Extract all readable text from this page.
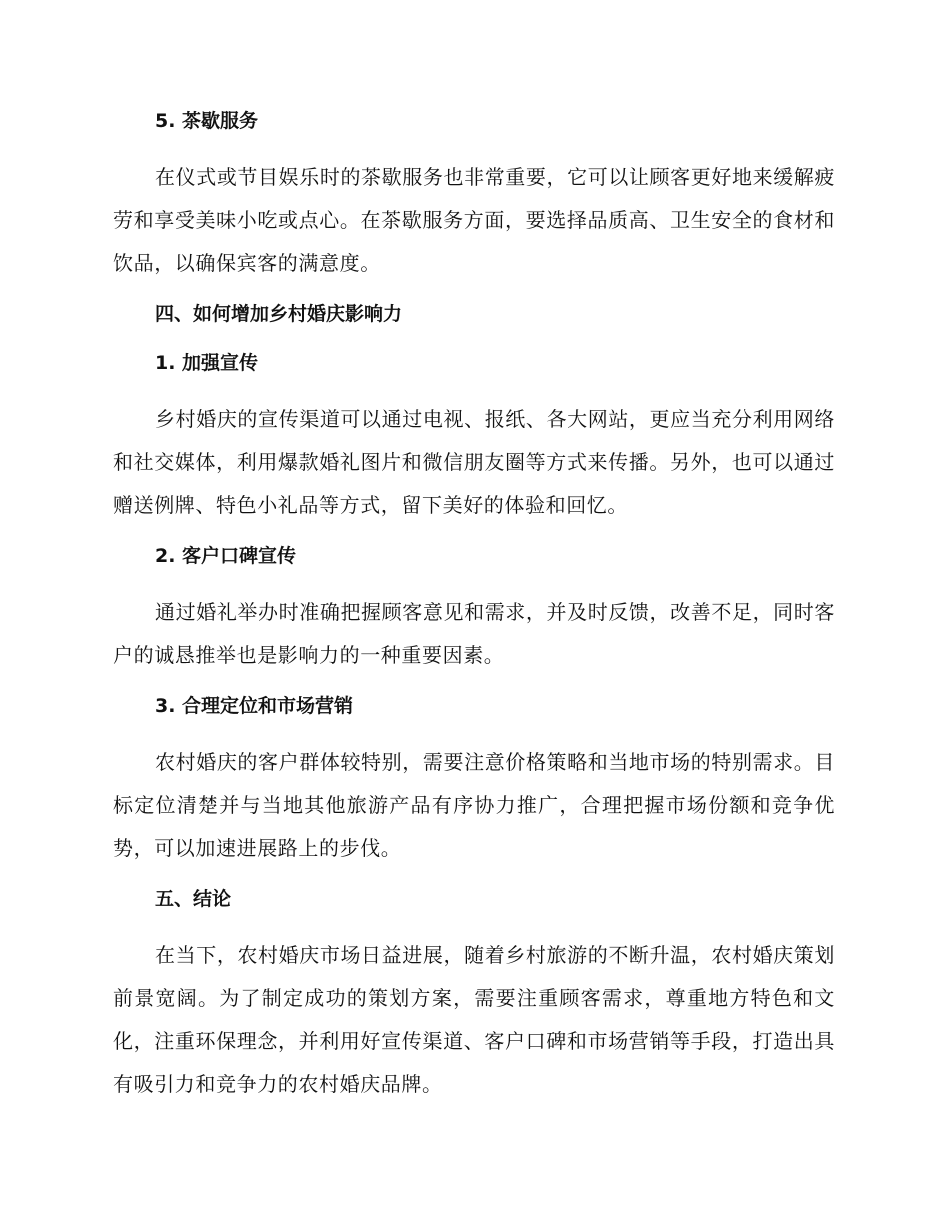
5. 茶歇服务

在仪式或节目娱乐时的茶歇服务也非常重要，它可以让顾客更好地来缓解疲劳和享受美味小吃或点心。在茶歇服务方面，要选择品质高、卫生安全的食材和饮品，以确保宾客的满意度。

四、如何增加乡村婚庆影响力
1. 加强宣传

乡村婚庆的宣传渠道可以通过电视、报纸、各大网站，更应当充分利用网络和社交媒体，利用爆款婚礼图片和微信朋友圈等方式来传播。另外，也可以通过赠送例牌、特色小礼品等方式，留下美好的体验和回忆。

2. 客户口碑宣传

通过婚礼举办时准确把握顾客意见和需求，并及时反馈，改善不足，同时客户的诚恳推举也是影响力的一种重要因素。

3. 合理定位和市场营销

农村婚庆的客户群体较特别，需要注意价格策略和当地市场的特别需求。目标定位清楚并与当地其他旅游产品有序协力推广，合理把握市场份额和竞争优势，可以加速进展路上的步伐。

五、结论

在当下，农村婚庆市场日益进展，随着乡村旅游的不断升温，农村婚庆策划前景宽阔。为了制定成功的策划方案，需要注重顾客需求，尊重地方特色和文化，注重环保理念，并利用好宣传渠道、客户口碑和市场营销等手段，打造出具有吸引力和竞争力的农村婚庆品牌。
